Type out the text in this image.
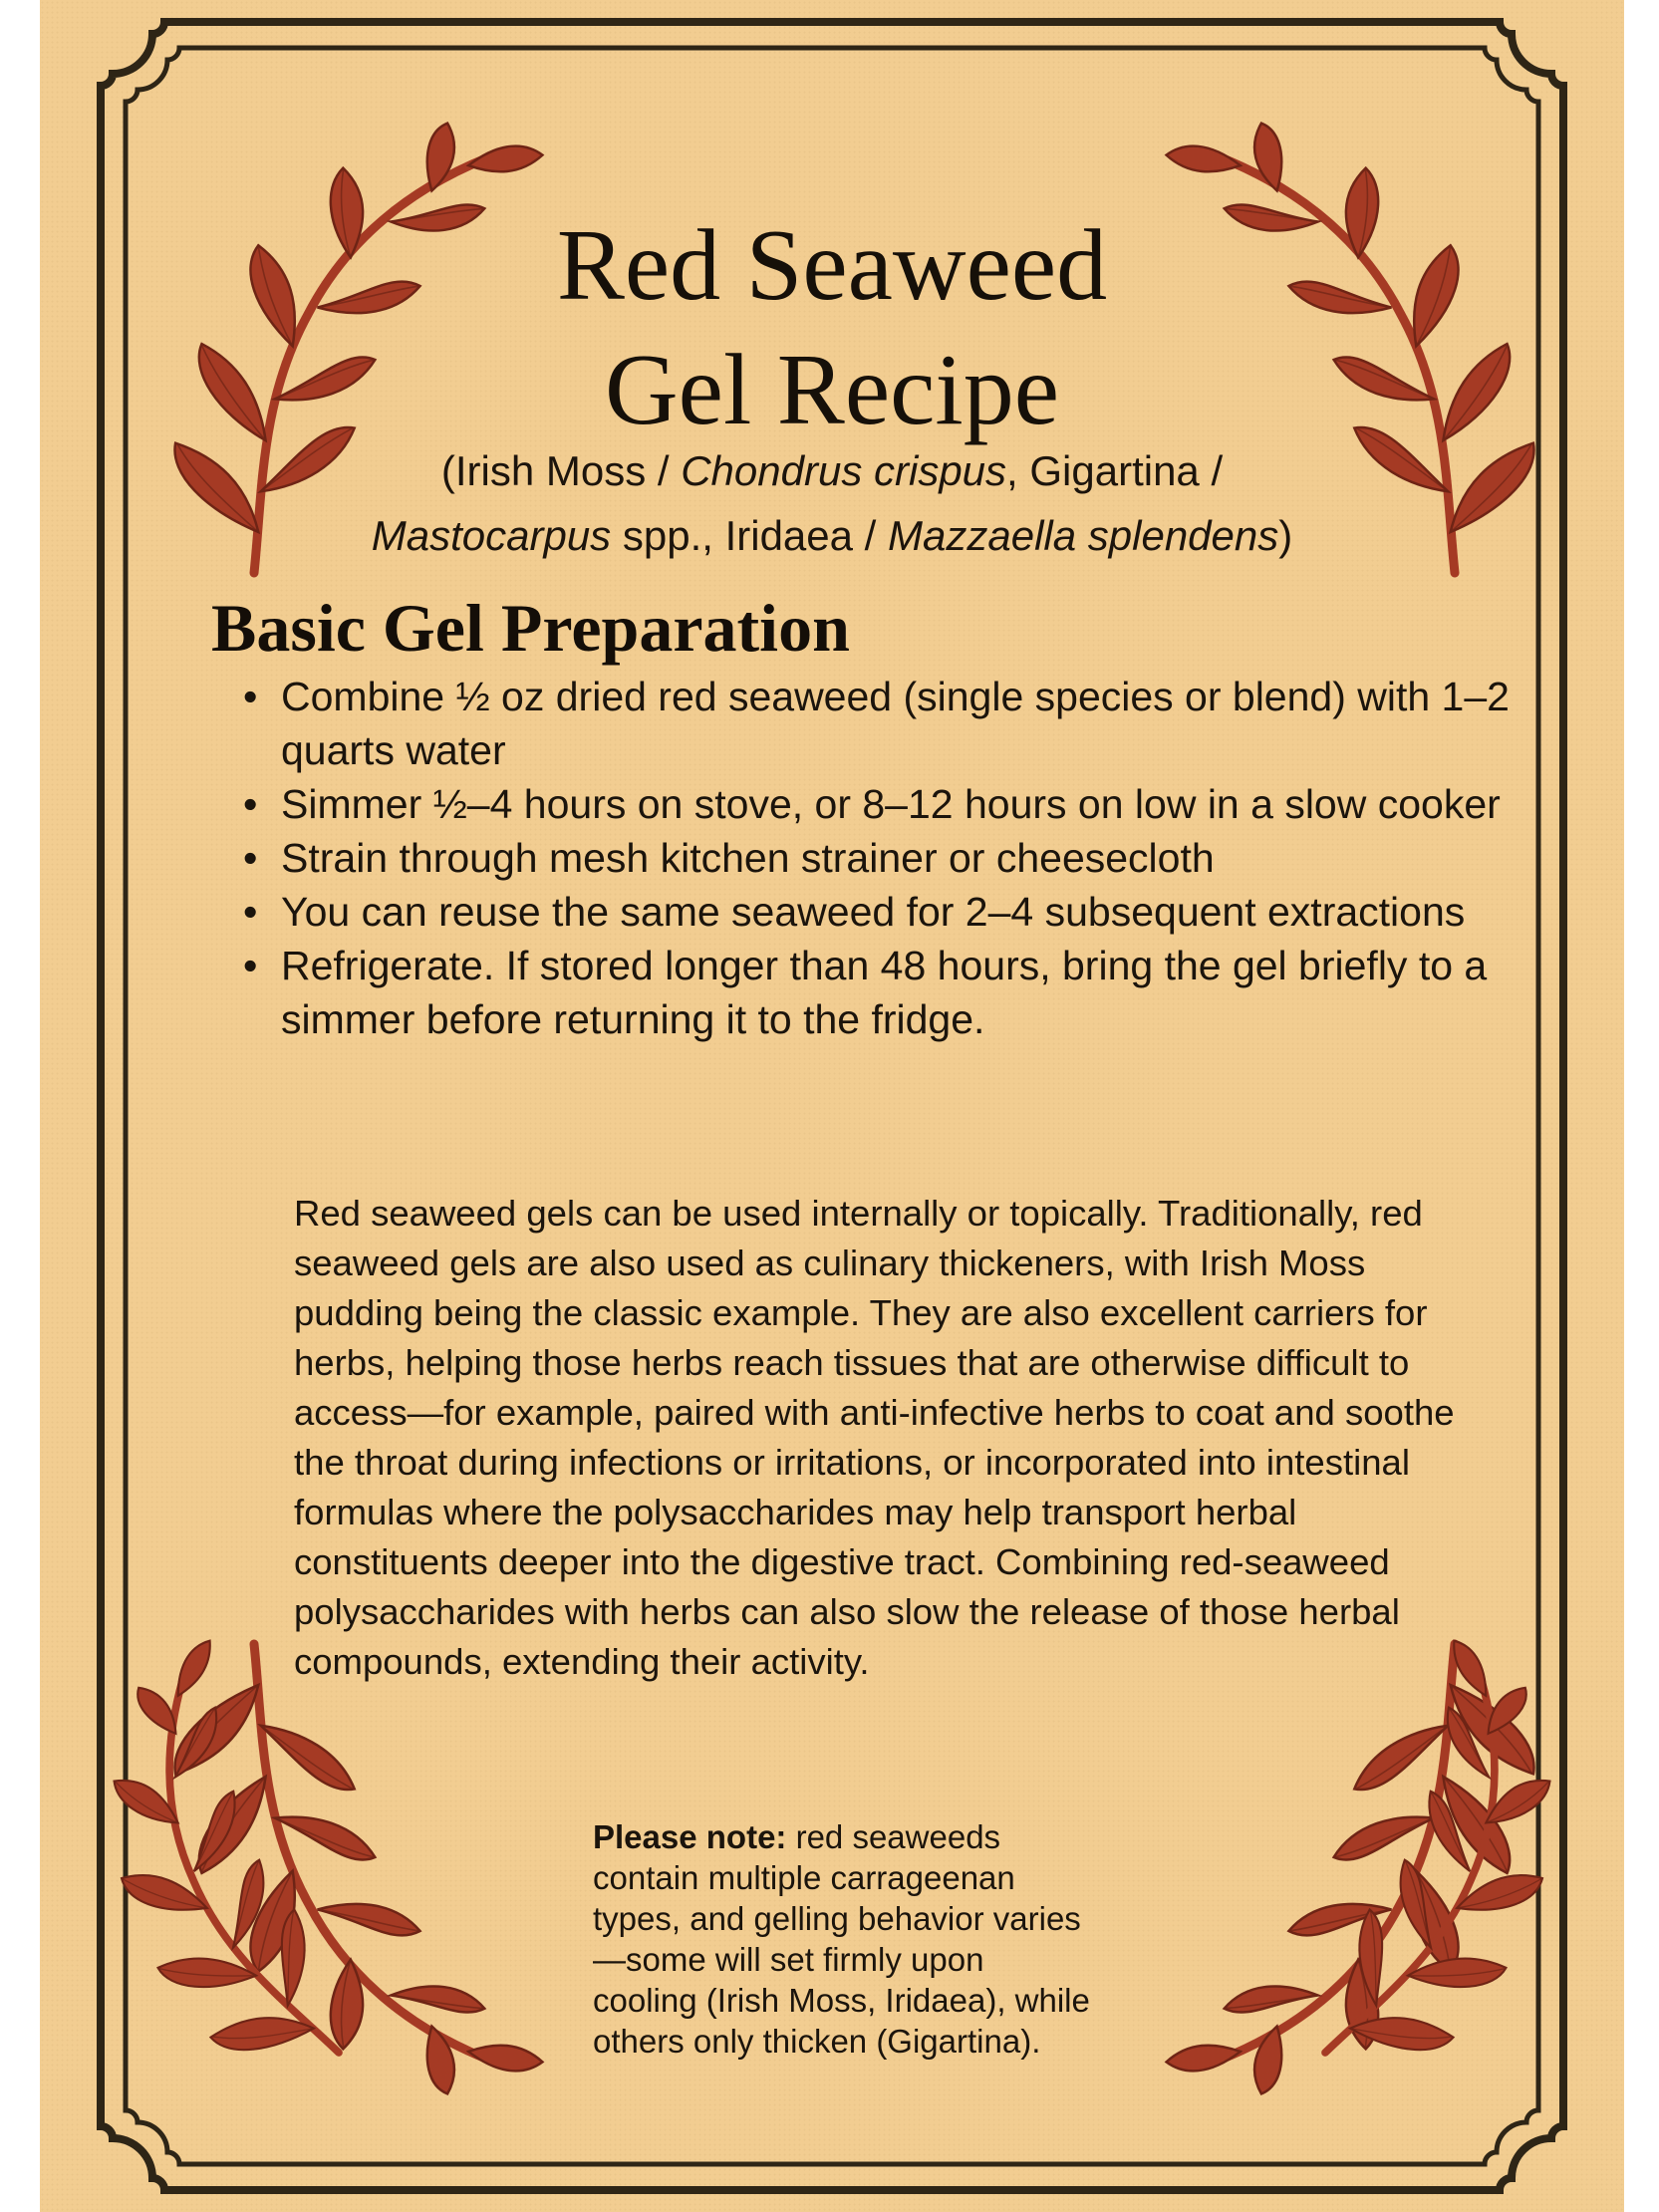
Red Seaweed
Gel Recipe
(Irish Moss / Chondrus crispus, Gigartina /
Mastocarpus spp., Iridaea / Mazzaella splendens)
Basic Gel Preparation
• Combine ½ oz dried red seaweed (single species or blend) with 1–2 quarts water
• Simmer ½–4 hours on stove, or 8–12 hours on low in a slow cooker
• Strain through mesh kitchen strainer or cheesecloth
• You can reuse the same seaweed for 2–4 subsequent extractions
• Refrigerate. If stored longer than 48 hours, bring the gel briefly to a simmer before returning it to the fridge.

Red seaweed gels can be used internally or topically. Traditionally, red seaweed gels are also used as culinary thickeners, with Irish Moss pudding being the classic example. They are also excellent carriers for herbs, helping those herbs reach tissues that are otherwise difficult to access—for example, paired with anti-infective herbs to coat and soothe the throat during infections or irritations, or incorporated into intestinal formulas where the polysaccharides may help transport herbal constituents deeper into the digestive tract. Combining red-seaweed polysaccharides with herbs can also slow the release of those herbal compounds, extending their activity.

Please note: red seaweeds contain multiple carrageenan types, and gelling behavior varies—some will set firmly upon cooling (Irish Moss, Iridaea), while others only thicken (Gigartina).
